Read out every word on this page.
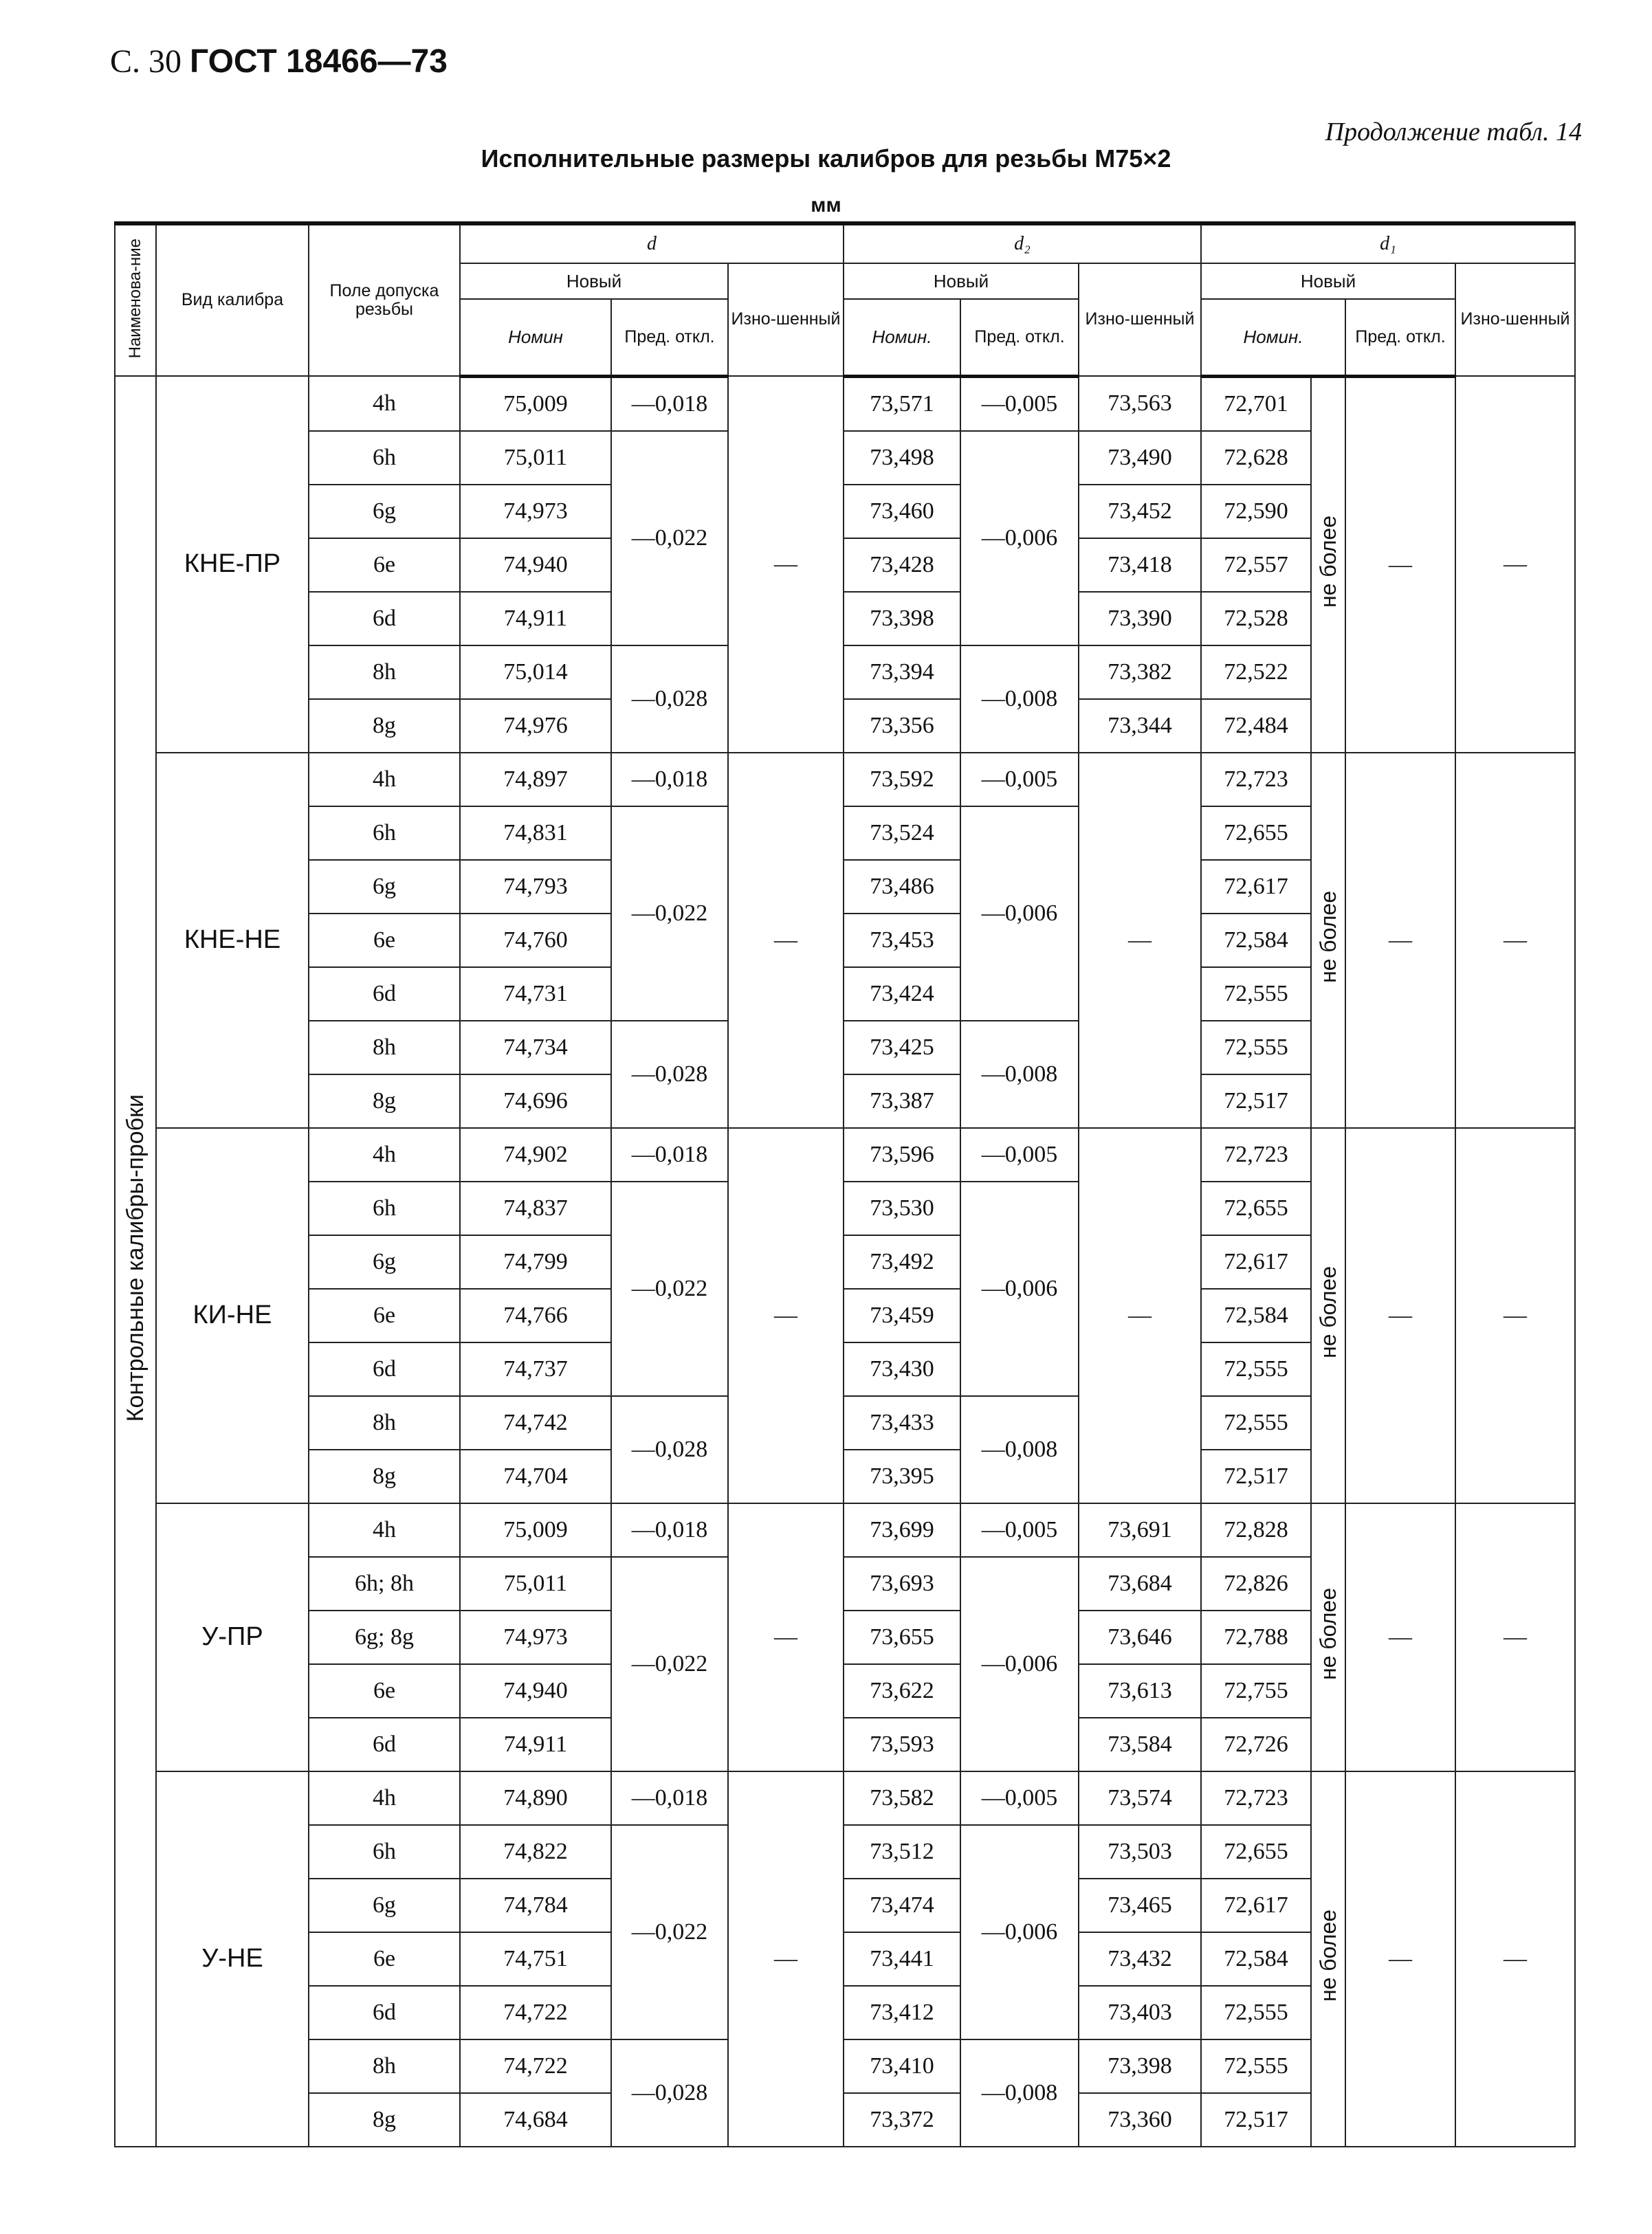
С. 30 ГОСТ 18466—73
Продолжение табл. 14
Исполнительные размеры калибров для резьбы М75×2
мм
Наименова-ние	Вид калибра	Поле допуска резьбы	d			d₂			d₁			
			Новый		Изно-шенный	Новый		Изно-шенный	Новый			Изно-шенный
			Номин	Пред. откл.		Номин.	Пред. откл.		Номин.		Пред. откл.	
Контрольные калибры-пробки	КНЕ-ПР	4h	75,009	—0,018	—	73,571	—0,005	73,563	72,701	не более	—	—
		6h	75,011	—0,022		73,498	—0,006	73,490	72,628			
		6g	74,973			73,460		73,452	72,590			
		6e	74,940			73,428		73,418	72,557			
		6d	74,911			73,398		73,390	72,528			
		8h	75,014	—0,028		73,394	—0,008	73,382	72,522			
		8g	74,976			73,356		73,344	72,484			
	КНЕ-НЕ	4h	74,897	—0,018	—	73,592	—0,005	—	72,723	не более	—	—
		6h	74,831	—0,022		73,524	—0,006		72,655			
		6g	74,793			73,486			72,617			
		6e	74,760			73,453			72,584			
		6d	74,731			73,424			72,555			
		8h	74,734	—0,028		73,425	—0,008		72,555			
		8g	74,696			73,387			72,517			
	КИ-НЕ	4h	74,902	—0,018	—	73,596	—0,005	—	72,723	не более	—	—
		6h	74,837	—0,022		73,530	—0,006		72,655			
		6g	74,799			73,492			72,617			
		6e	74,766			73,459			72,584			
		6d	74,737			73,430			72,555			
		8h	74,742	—0,028		73,433	—0,008		72,555			
		8g	74,704			73,395			72,517			
	У-ПР	4h	75,009	—0,018	—	73,699	—0,005	73,691	72,828	не более	—	—
		6h; 8h	75,011	—0,022		73,693	—0,006	73,684	72,826			
		6g; 8g	74,973			73,655		73,646	72,788			
		6e	74,940			73,622		73,613	72,755			
		6d	74,911			73,593		73,584	72,726			
	У-НЕ	4h	74,890	—0,018	—	73,582	—0,005	73,574	72,723	не более	—	—
		6h	74,822	—0,022		73,512	—0,006	73,503	72,655			
		6g	74,784			73,474		73,465	72,617			
		6e	74,751			73,441		73,432	72,584			
		6d	74,722			73,412		73,403	72,555			
		8h	74,722	—0,028		73,410	—0,008	73,398	72,555			
		8g	74,684			73,372		73,360	72,517			
